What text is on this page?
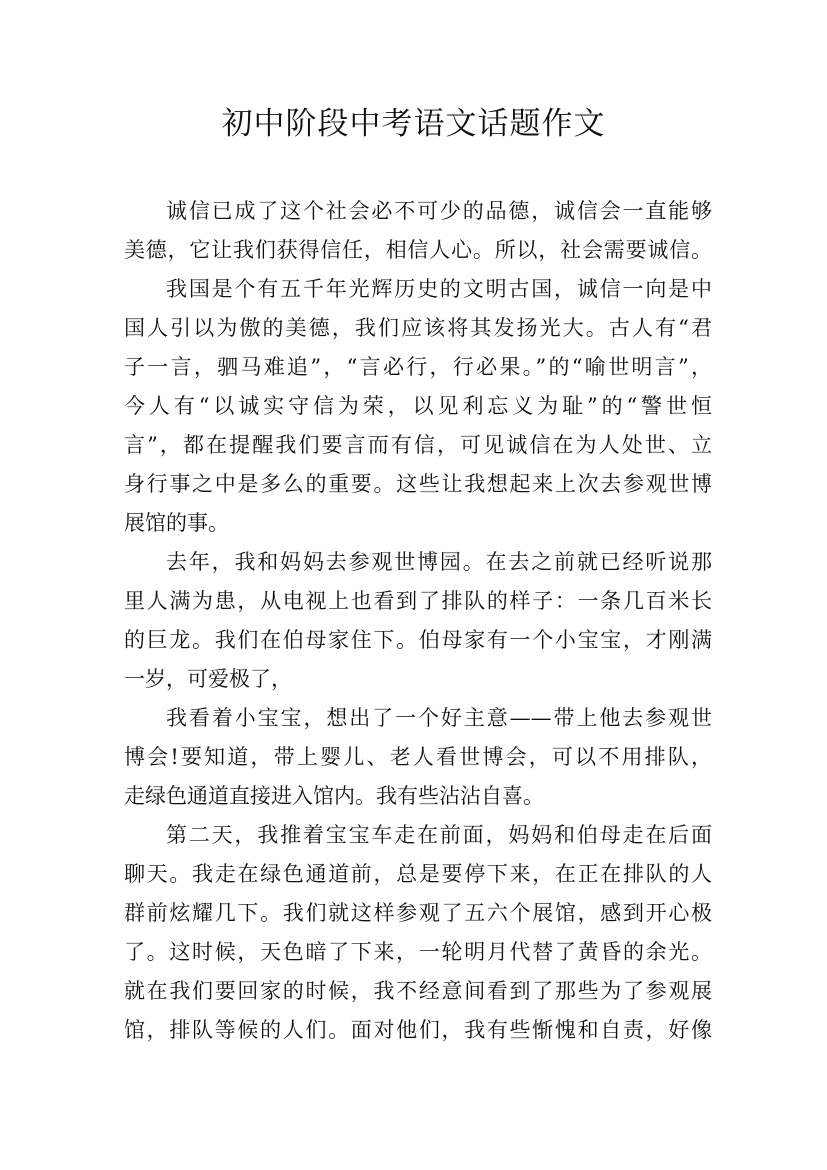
初中阶段中考语文话题作文
诚信已成了这个社会必不可少的品德，诚信会一直能够
美德，它让我们获得信任，相信人心。所以，社会需要诚信。
我国是个有五千年光辉历史的文明古国，诚信一向是中
国人引以为傲的美德，我们应该将其发扬光大。古人有“君
子一言，驷马难追”，“言必行，行必果。”的“喻世明言”，
今人有“以诚实守信为荣，以见利忘义为耻”的“警世恒
言”，都在提醒我们要言而有信，可见诚信在为人处世、立
身行事之中是多么的重要。这些让我想起来上次去参观世博
展馆的事。
去年，我和妈妈去参观世博园。在去之前就已经听说那
里人满为患，从电视上也看到了排队的样子：一条几百米长
的巨龙。我们在伯母家住下。伯母家有一个小宝宝，才刚满
一岁，可爱极了，
我看着小宝宝，想出了一个好主意——带上他去参观世
博会!要知道，带上婴儿、老人看世博会，可以不用排队，
走绿色通道直接进入馆内。我有些沾沾自喜。
第二天，我推着宝宝车走在前面，妈妈和伯母走在后面
聊天。我走在绿色通道前，总是要停下来，在正在排队的人
群前炫耀几下。我们就这样参观了五六个展馆，感到开心极
了。这时候，天色暗了下来，一轮明月代替了黄昏的余光。
就在我们要回家的时候，我不经意间看到了那些为了参观展
馆，排队等候的人们。面对他们，我有些惭愧和自责，好像
